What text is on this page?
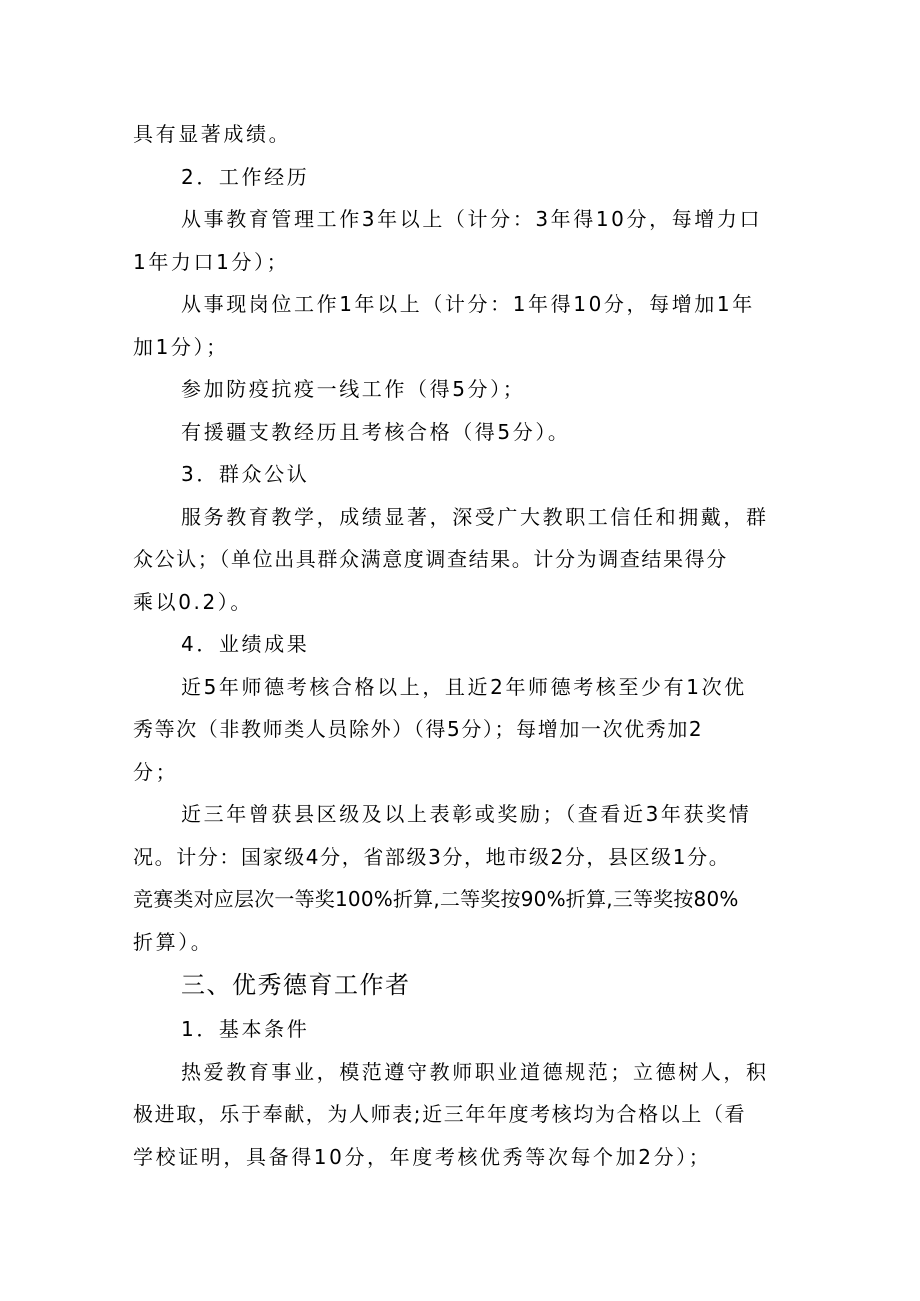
具有显著成绩。
2．工作经历
从事教育管理工作3年以上（计分：3年得10分，每增力口
1年力口1分）；
从事现岗位工作1年以上（计分：1年得10分，每增加1年
加1分）；
参加防疫抗疫一线工作（得5分）；
有援疆支教经历且考核合格（得5分）。
3．群众公认
服务教育教学，成绩显著，深受广大教职工信任和拥戴，群
众公认；（单位出具群众满意度调查结果。计分为调查结果得分
乘以0.2）。
4．业绩成果
近5年师德考核合格以上，且近2年师德考核至少有1次优
秀等次（非教师类人员除外）（得5分）；每增加一次优秀加2
分；
近三年曾获县区级及以上表彰或奖励；（查看近3年获奖情
况。计分：国家级4分，省部级3分，地市级2分，县区级1分。
竞赛类对应层次一等奖100%折算,二等奖按90%折算,三等奖按80%
折算）。
三、优秀德育工作者
1．基本条件
热爱教育事业，模范遵守教师职业道德规范；立德树人，积
极进取，乐于奉献，为人师表;近三年年度考核均为合格以上（看
学校证明，具备得10分，年度考核优秀等次每个加2分）；
